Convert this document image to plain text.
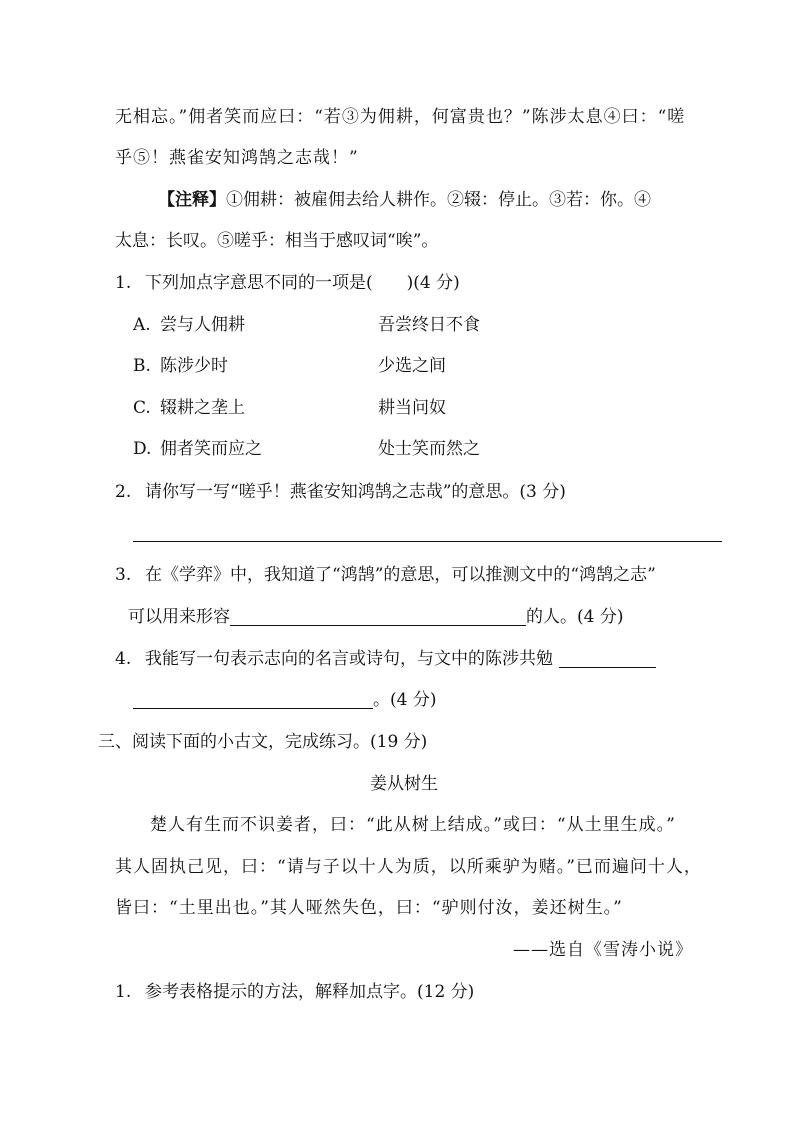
无相忘。”佣者笑而应曰：“若③为佣耕，何富贵也？”陈涉太息④曰：“嗟
乎⑤！燕雀安知鸿鹄之志哉！”
【注释】①佣耕：被雇佣去给人耕作。②辍：停止。③若：你。④
太息：长叹。⑤嗟乎：相当于感叹词“唉”。
1. 下列加点字意思不同的一项是(　　)(4 分)
A. 尝与人佣耕	吾尝终日不食
B. 陈涉少时	少选之间
C. 辍耕之垄上	耕当问奴
D. 佣者笑而应之	处士笑而然之
2. 请你写一写“嗟乎！燕雀安知鸿鹄之志哉”的意思。(3 分)
3. 在《学弈》中，我知道了“鸿鹄”的意思，可以推测文中的“鸿鹄之志”
可以用来形容	的人。(4 分)
4. 我能写一句表示志向的名言或诗句，与文中的陈涉共勉
。(4 分)
三、阅读下面的小古文，完成练习。(19 分)
姜从树生
楚人有生而不识姜者，曰：“此从树上结成。”或曰：“从土里生成。”
其人固执己见，曰：“请与子以十人为质，以所乘驴为赌。”已而遍问十人，
皆曰：“土里出也。”其人哑然失色，曰：“驴则付汝，姜还树生。”
——选自《雪涛小说》
1. 参考表格提示的方法，解释加点字。(12 分)
